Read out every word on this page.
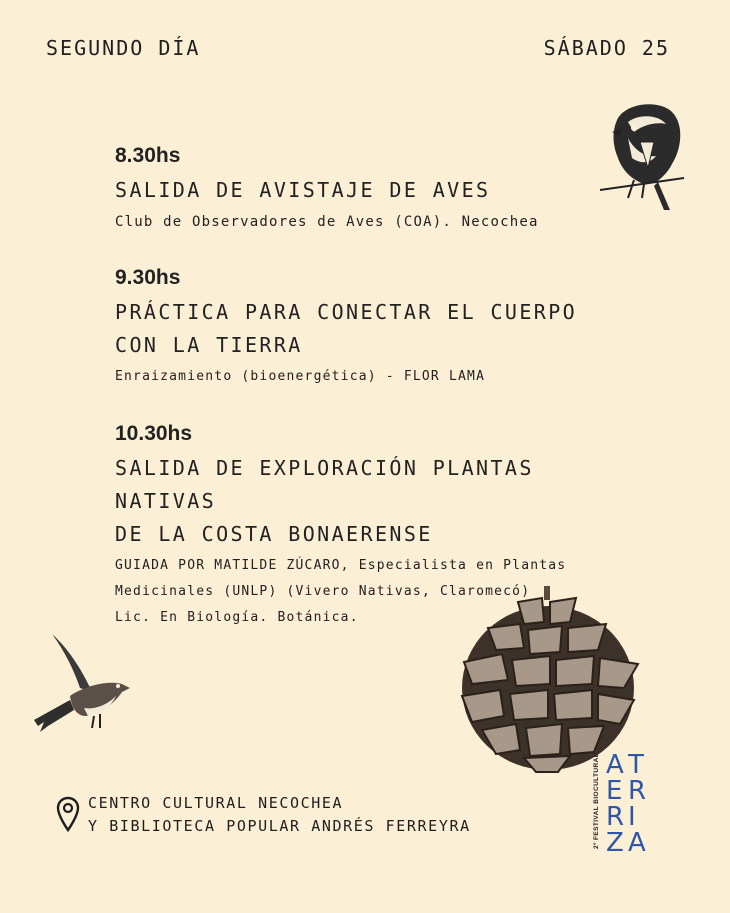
SEGUNDO DÍA	SÁBADO 25
8.30hs
SALIDA DE AVISTAJE DE AVES
Club de Observadores de Aves (COA). Necochea
9.30hs
PRÁCTICA PARA CONECTAR EL CUERPO
CON LA TIERRA
Enraizamiento (bioenergética) - FLOR LAMA
10.30hs
SALIDA DE EXPLORACIÓN PLANTAS NATIVAS
DE LA COSTA BONAERENSE
GUIADA POR MATILDE ZÚCARO, Especialista en Plantas
Medicinales (UNLP) (Vivero Nativas, Claromecó)
Lic. En Biología. Botánica.
CENTRO CULTURAL NECOCHEA
Y BIBLIOTECA POPULAR ANDRÉS FERREYRA	2º FESTIVAL BIOCULTURAL A T
E R
R I
Z A
